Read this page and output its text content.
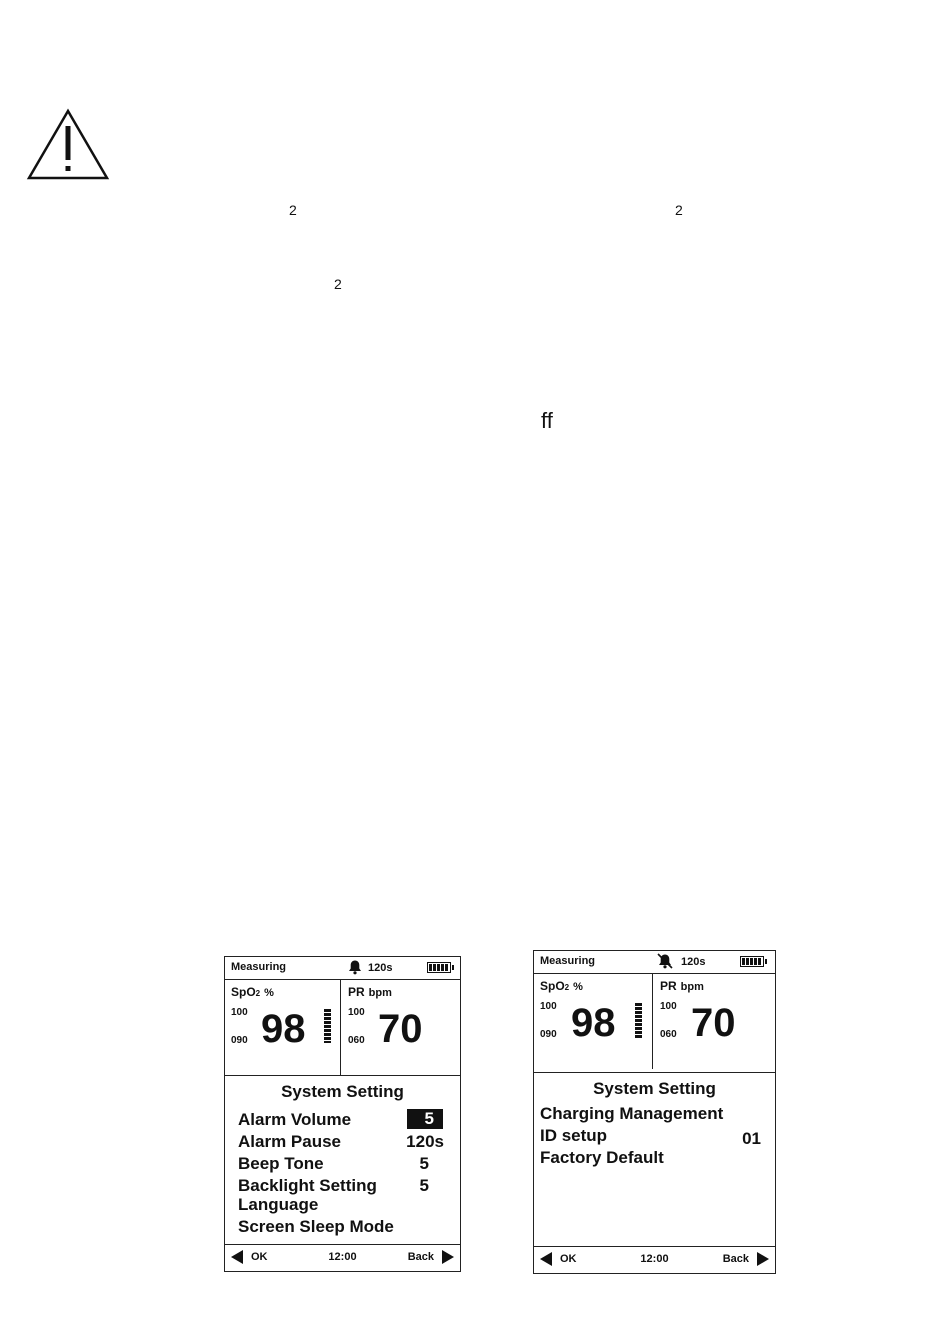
2	2
2
ff
Measuring	120s
SpO2 %
100
090 98
PR bpm
100
060 70
System Setting
Alarm Volume	5
Alarm Pause	120s
Beep Tone	5
Backlight Setting	5
Language
Screen Sleep Mode
OK	12:00	Back
Measuring	120s
SpO2 %
100
090 98
PR bpm
100
060 70
System Setting
Charging Management
ID setup	01
Factory Default
OK	12:00	Back
